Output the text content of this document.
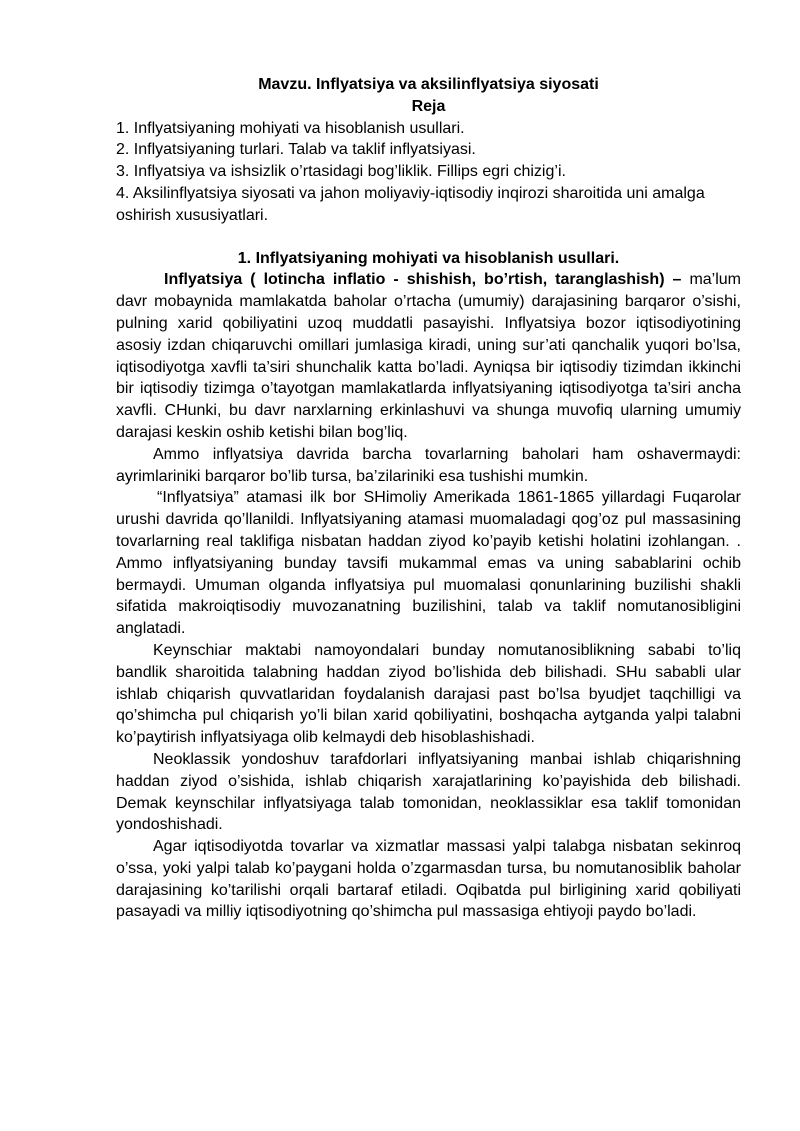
Mavzu. Inflyatsiya va aksilinflyatsiya siyosati
Reja

1. Inflyatsiyaning mohiyati va hisoblanish usullari.

2. Inflyatsiyaning turlari. Talab va taklif inflyatsiyasi.

3. Inflyatsiya va ishsizlik o’rtasidagi bog’liklik. Fillips egri chizig’i.

4. Aksilinflyatsiya siyosati va jahon moliyaviy-iqtisodiy inqirozi sharoitida uni amalga oshirish xususiyatlari.

1. Inflyatsiyaning mohiyati va hisoblanish usullari.

Inflyatsiya ( lotincha inflatio - shishish, bo’rtish, taranglashish) – ma’lum davr mobaynida mamlakatda baholar o’rtacha (umumiy) darajasining barqaror o’sishi, pulning xarid qobiliyatini uzoq muddatli pasayishi. Inflyatsiya bozor iqtisodiyotining asosiy izdan chiqaruvchi omillari jumlasiga kiradi, uning sur’ati qanchalik yuqori bo’lsa, iqtisodiyotga xavfli ta’siri shunchalik katta bo’ladi. Ayniqsa bir iqtisodiy tizimdan ikkinchi bir iqtisodiy tizimga o’tayotgan mamlakatlarda inflyatsiyaning iqtisodiyotga ta’siri ancha xavfli. CHunki, bu davr narxlarning erkinlashuvi va shunga muvofiq ularning umumiy darajasi keskin oshib ketishi bilan bog’liq.

Ammo inflyatsiya davrida barcha tovarlarning baholari ham oshavermaydi: ayrimlariniki barqaror bo’lib tursa, ba’zilariniki esa tushishi mumkin.

“Inflyatsiya” atamasi ilk bor SHimoliy Amerikada 1861-1865 yillardagi Fuqarolar urushi davrida qo’llanildi. Inflyatsiyaning atamasi muomaladagi qog’oz pul massasining tovarlarning real taklifiga nisbatan haddan ziyod ko’payib ketishi holatini izohlangan. . Ammo inflyatsiyaning bunday tavsifi mukammal emas va uning sabablarini ochib bermaydi. Umuman olganda inflyatsiya pul muomalasi qonunlarining buzilishi shakli sifatida makroiqtisodiy muvozanatning buzilishini, talab va taklif nomutanosibligini anglatadi.

Keynschiar maktabi namoyondalari bunday nomutanosiblikning sababi to’liq bandlik sharoitida talabning haddan ziyod bo’lishida deb bilishadi. SHu sababli ular ishlab chiqarish quvvatlaridan foydalanish darajasi past bo’lsa byudjet taqchilligi va qo’shimcha pul chiqarish yo’li bilan xarid qobiliyatini, boshqacha aytganda yalpi talabni ko’paytirish inflyatsiyaga olib kelmaydi deb hisoblashishadi.

Neoklassik yondoshuv tarafdorlari inflyatsiyaning manbai ishlab chiqarishning haddan ziyod o’sishida, ishlab chiqarish xarajatlarining ko’payishida deb bilishadi. Demak keynschilar inflyatsiyaga talab tomonidan, neoklassiklar esa taklif tomonidan yondoshishadi.

Agar iqtisodiyotda tovarlar va xizmatlar massasi yalpi talabga nisbatan sekinroq o’ssa, yoki yalpi talab ko’paygani holda o’zgarmasdan tursa, bu nomutanosiblik baholar darajasining ko’tarilishi orqali bartaraf etiladi. Oqibatda pul birligining xarid qobiliyati pasayadi va milliy iqtisodiyotning qo’shimcha pul massasiga ehtiyoji paydo bo’ladi.
